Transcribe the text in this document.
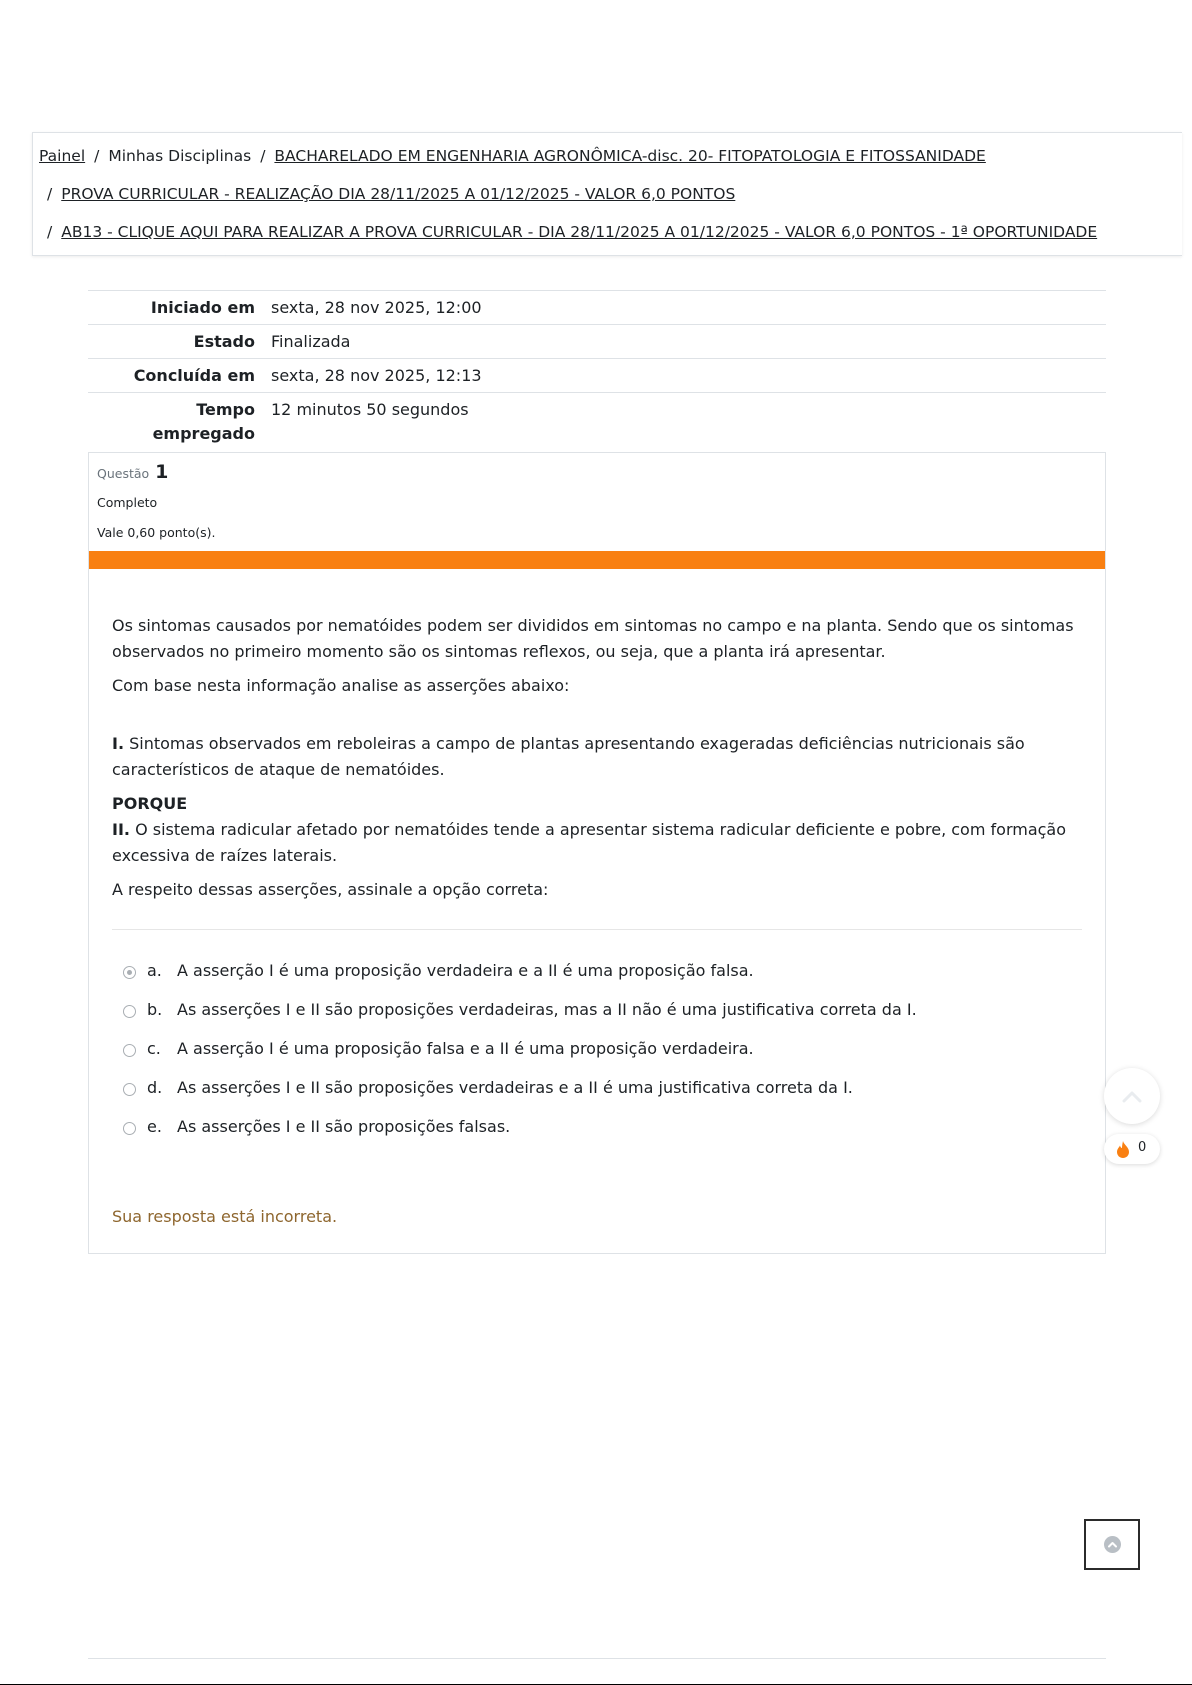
Painel / Minhas Disciplinas / BACHARELADO EM ENGENHARIA AGRONÔMICA-disc. 20- FITOPATOLOGIA E FITOSSANIDADE
/ PROVA CURRICULAR - REALIZAÇÃO DIA 28/11/2025 A 01/12/2025 - VALOR 6,0 PONTOS
/ AB13 - CLIQUE AQUI PARA REALIZAR A PROVA CURRICULAR - DIA 28/11/2025 A 01/12/2025 - VALOR 6,0 PONTOS - 1ª OPORTUNIDADE
Iniciado em	sexta, 28 nov 2025, 12:00
Estado	Finalizada
Concluída em	sexta, 28 nov 2025, 12:13
Tempo empregado	12 minutos 50 segundos
Questão 1
Completo
Vale 0,60 ponto(s).

Os sintomas causados por nematóides podem ser divididos em sintomas no campo e na planta. Sendo que os sintomas observados no primeiro momento são os sintomas reflexos, ou seja, que a planta irá apresentar.

Com base nesta informação analise as asserções abaixo:

I. Sintomas observados em reboleiras a campo de plantas apresentando exageradas deficiências nutricionais são característicos de ataque de nematóides.

PORQUE

II. O sistema radicular afetado por nematóides tende a apresentar sistema radicular deficiente e pobre, com formação excessiva de raízes laterais.

A respeito dessas asserções, assinale a opção correta:

a. A asserção I é uma proposição verdadeira e a II é uma proposição falsa.
b. As asserções I e II são proposições verdadeiras, mas a II não é uma justificativa correta da I.
c. A asserção I é uma proposição falsa e a II é uma proposição verdadeira.
d. As asserções I e II são proposições verdadeiras e a II é uma justificativa correta da I.
e. As asserções I e II são proposições falsas.
Sua resposta está incorreta.
0
